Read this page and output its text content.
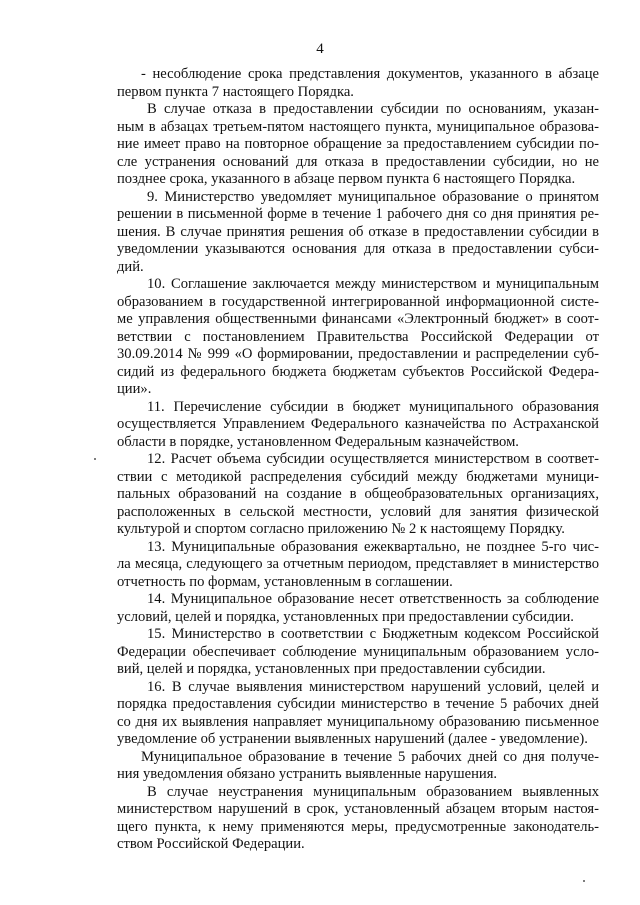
4

- несоблюдение срока представления документов, указанного в абзаце
первом пункта 7 настоящего Порядка.

В случае отказа в предоставлении субсидии по основаниям, указан-
ным в абзацах третьем-пятом настоящего пункта, муниципальное образова-
ние имеет право на повторное обращение за предоставлением субсидии по-
сле устранения оснований для отказа в предоставлении субсидии, но не
позднее срока, указанного в абзаце первом пункта 6 настоящего Порядка.

9. Министерство уведомляет муниципальное образование о принятом
решении в письменной форме в течение 1 рабочего дня со дня принятия ре-
шения. В случае принятия решения об отказе в предоставлении субсидии в
уведомлении указываются основания для отказа в предоставлении субси-
дий.

10. Соглашение заключается между министерством и муниципальным
образованием в государственной интегрированной информационной систе-
ме управления общественными финансами «Электронный бюджет» в соот-
ветствии с постановлением Правительства Российской Федерации от
30.09.2014 № 999 «О формировании, предоставлении и распределении суб-
сидий из федерального бюджета бюджетам субъектов Российской Федера-
ции».

11. Перечисление субсидии в бюджет муниципального образования
осуществляется Управлением Федерального казначейства по Астраханской
области в порядке, установленном Федеральным казначейством.

12. Расчет объема субсидии осуществляется министерством в соответ-
ствии с методикой распределения субсидий между бюджетами муници-
пальных образований на создание в общеобразовательных организациях,
расположенных в сельской местности, условий для занятия физической
культурой и спортом согласно приложению № 2 к настоящему Порядку.

13. Муниципальные образования ежеквартально, не позднее 5-го чис-
ла месяца, следующего за отчетным периодом, представляет в министерство
отчетность по формам, установленным в соглашении.

14. Муниципальное образование несет ответственность за соблюдение
условий, целей и порядка, установленных при предоставлении субсидии.

15. Министерство в соответствии с Бюджетным кодексом Российской
Федерации обеспечивает соблюдение муниципальным образованием усло-
вий, целей и порядка, установленных при предоставлении субсидии.

16. В случае выявления министерством нарушений условий, целей и
порядка предоставления субсидии министерство в течение 5 рабочих дней
со дня их выявления направляет муниципальному образованию письменное
уведомление об устранении выявленных нарушений (далее - уведомление).

Муниципальное образование в течение 5 рабочих дней со дня получе-
ния уведомления обязано устранить выявленные нарушения.

В случае неустранения муниципальным образованием выявленных
министерством нарушений в срок, установленный абзацем вторым настоя-
щего пункта, к нему применяются меры, предусмотренные законодатель-
ством Российской Федерации.
